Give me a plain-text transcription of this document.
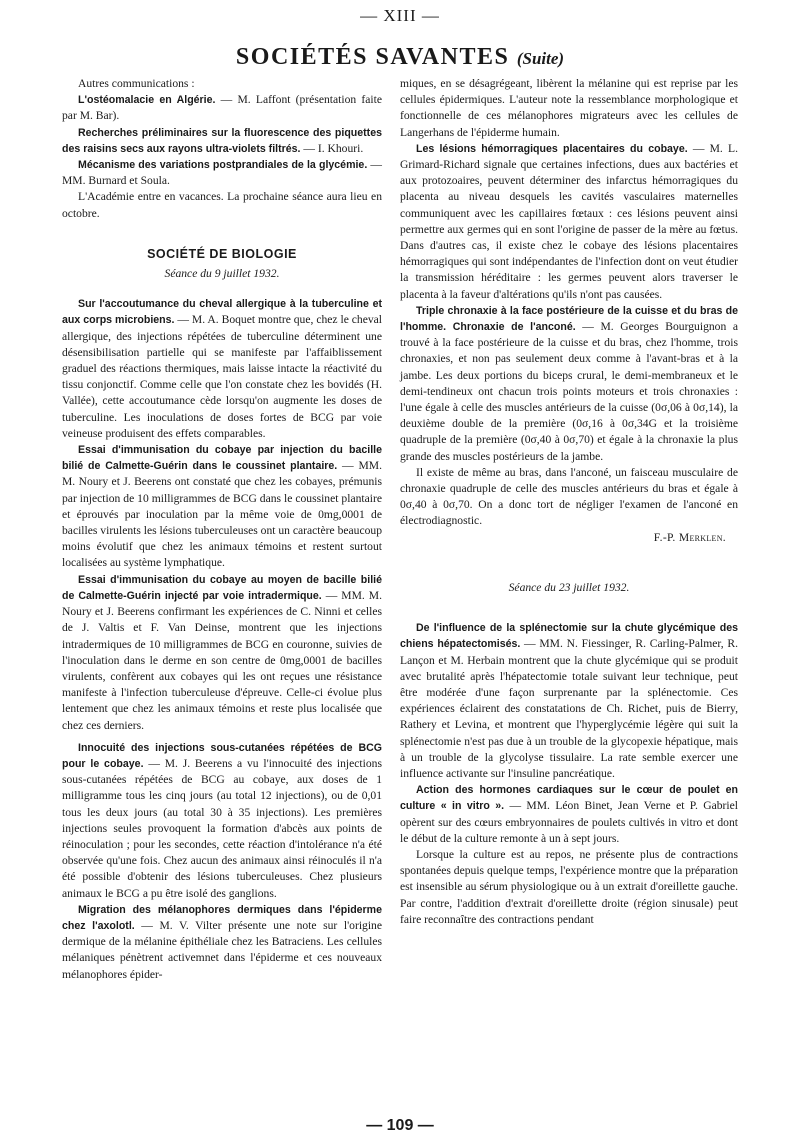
— XIII —
SOCIÉTÉS SAVANTES (Suite)

Autres communications :

L'ostéomalacie en Algérie. — M. Laffont (présentation faite par M. Bar).

Recherches préliminaires sur la fluorescence des piquettes des raisins secs aux rayons ultra-violets filtrés. — I. Khouri.

Mécanisme des variations postprandiales de la glycémie. — MM. Burnard et Soula.

L'Académie entre en vacances. La prochaine séance aura lieu en octobre.

SOCIÉTÉ DE BIOLOGIE
Séance du 9 juillet 1932.

Sur l'accoutumance du cheval allergique à la tuberculine et aux corps microbiens. — M. A. Boquet montre que, chez le cheval allergique, des injections répétées de tuberculine déterminent une désensibilisation partielle qui se manifeste par l'affaiblissement graduel des réactions thermiques, mais laisse intacte la réactivité du tissu conjonctif. Comme celle que l'on constate chez les bovidés (H. Vallée), cette accoutumance cède lorsqu'on augmente les doses de tuberculine. Les inoculations de doses fortes de BCG par voie veineuse produisent des effets comparables.

Essai d'immunisation du cobaye par injection du bacille bilié de Calmette-Guérin dans le coussinet plantaire. — MM. M. Noury et J. Beerens ont constaté que chez les cobayes, prémunis par injection de 10 milligrammes de BCG dans le coussinet plantaire et éprouvés par inoculation par la même voie de 0mg,0001 de bacilles virulents les lésions tuberculeuses ont un caractère beaucoup moins évolutif que chez les animaux témoins et restent surtout localisées au système lymphatique.

Essai d'immunisation du cobaye au moyen de bacille bilié de Calmette-Guérin injecté par voie intradermique. — MM. M. Noury et J. Beerens confirmant les expériences de C. Ninni et celles de J. Valtis et F. Van Deinse, montrent que les injections intradermiques de 10 milligrammes de BCG en couronne, suivies de l'inoculation dans le derme en son centre de 0mg,0001 de bacilles virulents, confèrent aux cobayes qui les ont reçues une résistance manifeste à l'infection tuberculeuse d'épreuve. Celle-ci évolue plus lentement que chez les animaux témoins et reste plus localisée que chez ces derniers.

Innocuité des injections sous-cutanées répétées de BCG pour le cobaye. — M. J. Beerens a vu l'innocuité des injections sous-cutanées répétées de BCG au cobaye, aux doses de 1 milligramme tous les cinq jours (au total 12 injections), ou de 0,01 tous les deux jours (au total 30 à 35 injections). Les premières injections seules provoquent la formation d'abcès aux points de réinoculation ; pour les secondes, cette réaction d'intolérance n'a été observée qu'une fois. Chez aucun des animaux ainsi réinoculés il n'a été possible d'obtenir des lésions tuberculeuses. Chez plusieurs animaux le BCG a pu être isolé des ganglions.

Migration des mélanophores dermiques dans l'épiderme chez l'axolotl. — M. V. Vilter présente une note sur l'origine dermique de la mélanine épithéliale chez les Batraciens. Les cellules mélaniques pénètrent activemnet dans l'épiderme et ces nouveaux mélanophores épider-

miques, en se désagrégeant, libèrent la mélanine qui est reprise par les cellules épidermiques. L'auteur note la ressemblance morphologique et fonctionnelle de ces mélanophores migrateurs avec les cellules de Langerhans de l'épiderme humain.

Les lésions hémorragiques placentaires du cobaye. — M. L. Grimard-Richard signale que certaines infections, dues aux bactéries et aux protozoaires, peuvent déterminer des infarctus hémorragiques du placenta au niveau desquels les cavités vasculaires maternelles communiquent avec les capillaires fœtaux : ces lésions peuvent ainsi permettre aux germes qui en sont l'origine de passer de la mère au fœtus. Dans d'autres cas, il existe chez le cobaye des lésions placentaires hémorragiques qui sont indépendantes de l'infection dont on veut étudier la transmission héréditaire : les germes peuvent alors traverser le placenta à la faveur d'altérations qu'ils n'ont pas causées.

Triple chronaxie à la face postérieure de la cuisse et du bras de l'homme. Chronaxie de l'anconé. — M. Georges Bourguignon a trouvé à la face postérieure de la cuisse et du bras, chez l'homme, trois chronaxies, et non pas seulement deux comme à l'avant-bras et à la jambe. Les deux portions du biceps crural, le demi-membraneux et le demi-tendineux ont chacun trois points moteurs et trois chronaxies : l'une égale à celle des muscles antérieurs de la cuisse (0σ,06 à 0σ,14), la deuxième double de la première (0σ,16 à 0σ,34G et la troisième quadruple de la première (0σ,40 à 0σ,70) et égale à la chronaxie la plus grande des muscles postérieurs de la jambe.

Il existe de même au bras, dans l'anconé, un faisceau musculaire de chronaxie quadruple de celle des muscles antérieurs du bras et égale à 0σ,40 à 0σ,70. On a donc tort de négliger l'examen de l'anconé en électrodiagnostic.

F.-P. Merklen.

Séance du 23 juillet 1932.

De l'influence de la splénectomie sur la chute glycémique des chiens hépatectomisés. — MM. N. Fiessinger, R. Carling-Palmer, R. Lançon et M. Herbain montrent que la chute glycémique qui se produit avec brutalité après l'hépatectomie totale suivant leur technique, peut être modérée d'une façon surprenante par la splénectomie. Ces expériences éclairent des constatations de Ch. Richet, puis de Bierry, Rathery et Levina, et montrent que l'hyperglycémie légère qui suit la splénectomie n'est pas due à un trouble de la glycopexie hépatique, mais à un trouble de la glycolyse tissulaire. La rate semble exercer une influence activante sur l'insuline pancréatique.

Action des hormones cardiaques sur le cœur de poulet en culture « in vitro ». — MM. Léon Binet, Jean Verne et P. Gabriel opèrent sur des cœurs embryonnaires de poulets cultivés in vitro et dont le début de la culture remonte à un à sept jours.

Lorsque la culture est au repos, ne présente plus de contractions spontanées depuis quelque temps, l'expérience montre que la préparation est insensible au sérum physiologique ou à un extrait d'oreillette gauche. Par contre, l'addition d'extrait d'oreillette droite (région sinusale) peut faire reconnaître des contractions pendant

— 109 —
